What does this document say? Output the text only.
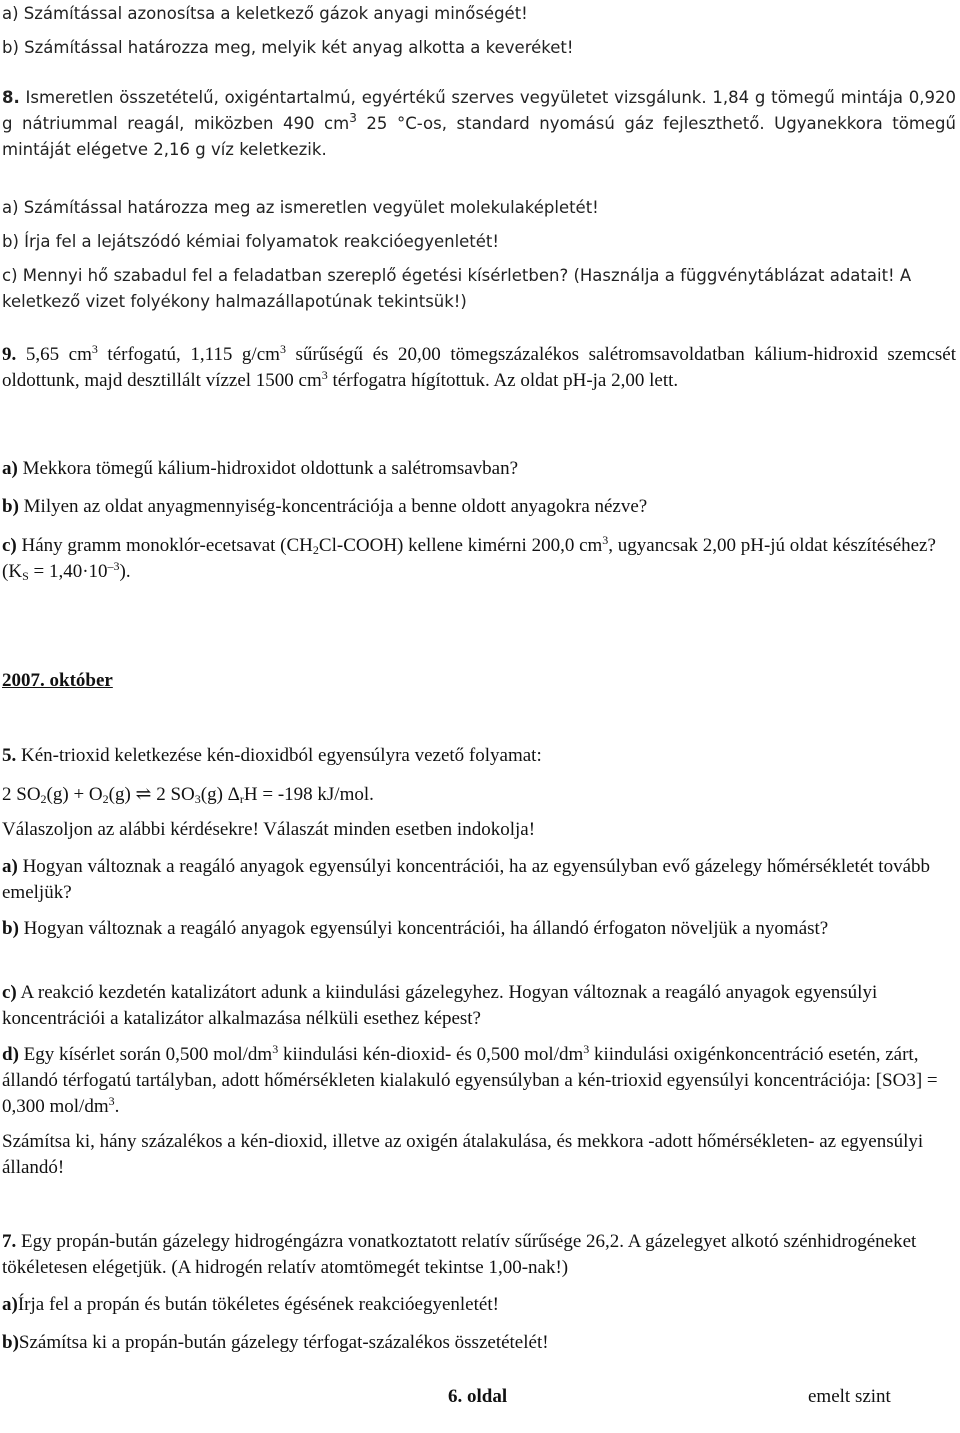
a) Számítással azonosítsa a keletkező gázok anyagi minőségét!
b) Számítással határozza meg, melyik két anyag alkotta a keveréket!
8. Ismeretlen összetételű, oxigéntartalmú, egyértékű szerves vegyületet vizsgálunk. 1,84 g tömegű mintája 0,920 g nátriummal reagál, miközben 490 $cm^3$ 25 °C-os, standard nyomású gáz fejleszthető. Ugyanekkora tömegű mintáját elégetve 2,16 g víz keletkezik.
a) Számítással határozza meg az ismeretlen vegyület molekulaképletét!
b) Írja fel a lejátszódó kémiai folyamatok reakcióegyenletét!
c) Mennyi hő szabadul fel a feladatban szereplő égetési kísérletben? (Használja a függvénytáblázat adatait! A keletkező vizet folyékony halmazállapotúnak tekintsük!)
9. 5,65 $cm^3$ térfogatú, 1,115 $g/cm^3$ sűrűségű és 20,00 tömegszázalékos salétromsavoldatban kálium-hidroxid szemcsét oldottunk, majd desztillált vízzel 1500 $cm^3$ térfogatra hígítottuk. Az oldat pH-ja 2,00 lett.
a) Mekkora tömegű kálium-hidroxidot oldottunk a salétromsavban?
b) Milyen az oldat anyagmennyiség-koncentrációja a benne oldott anyagokra nézve?
c) Hány gramm monoklór-ecetsavat $(CH_2Cl-COOH)$ kellene kimérni 200,0 $cm^3$, ugyancsak 2,00 pH-jú oldat készítéséhez? $(K_S = 1,40\cdot 10^{-3})$.
2007. október
5. Kén-trioxid keletkezése kén-dioxidból egyensúlyra vezető folyamat:
2 $SO_2(g) + O_2(g)$ ⇌ 2 $SO_3(g) \Delta_rH = -198$ kJ/mol.
Válaszoljon az alábbi kérdésekre! Válaszát minden esetben indokolja!
a) Hogyan változnak a reagáló anyagok egyensúlyi koncentrációi, ha az egyensúlyban evő gázelegy hőmérsékletét tovább emeljük?
b) Hogyan változnak a reagáló anyagok egyensúlyi koncentrációi, ha állandó érfogaton növeljük a nyomást?
c) A reakció kezdetén katalizátort adunk a kiindulási gázelegyhez. Hogyan változnak a reagáló anyagok egyensúlyi koncentrációi a katalizátor alkalmazása nélküli esethez képest?
d) Egy kísérlet során 0,500 mol/$dm^3$ kiindulási kén-dioxid- és 0,500 mol/$dm^3$ kiindulási oxigénkoncentráció esetén, zárt, állandó térfogatú tartályban, adott hőmérsékleten kialakuló egyensúlyban a kén-trioxid egyensúlyi koncentrációja: [SO3] = 0,300 mol/$dm^3$.
Számítsa ki, hány százalékos a kén-dioxid, illetve az oxigén átalakulása, és mekkora -adott hőmérsékleten- az egyensúlyi állandó!
7. Egy propán-bután gázelegy hidrogéngázra vonatkoztatott relatív sűrűsége 26,2. A gázelegyet alkotó szénhidrogéneket tökéletesen elégetjük. (A hidrogén relatív atomtömegét tekintse 1,00-nak!)
a)Írja fel a propán és bután tökéletes égésének reakcióegyenletét!
b)Számítsa ki a propán-bután gázelegy térfogat-százalékos összetételét!
6. oldal	emelt szint
